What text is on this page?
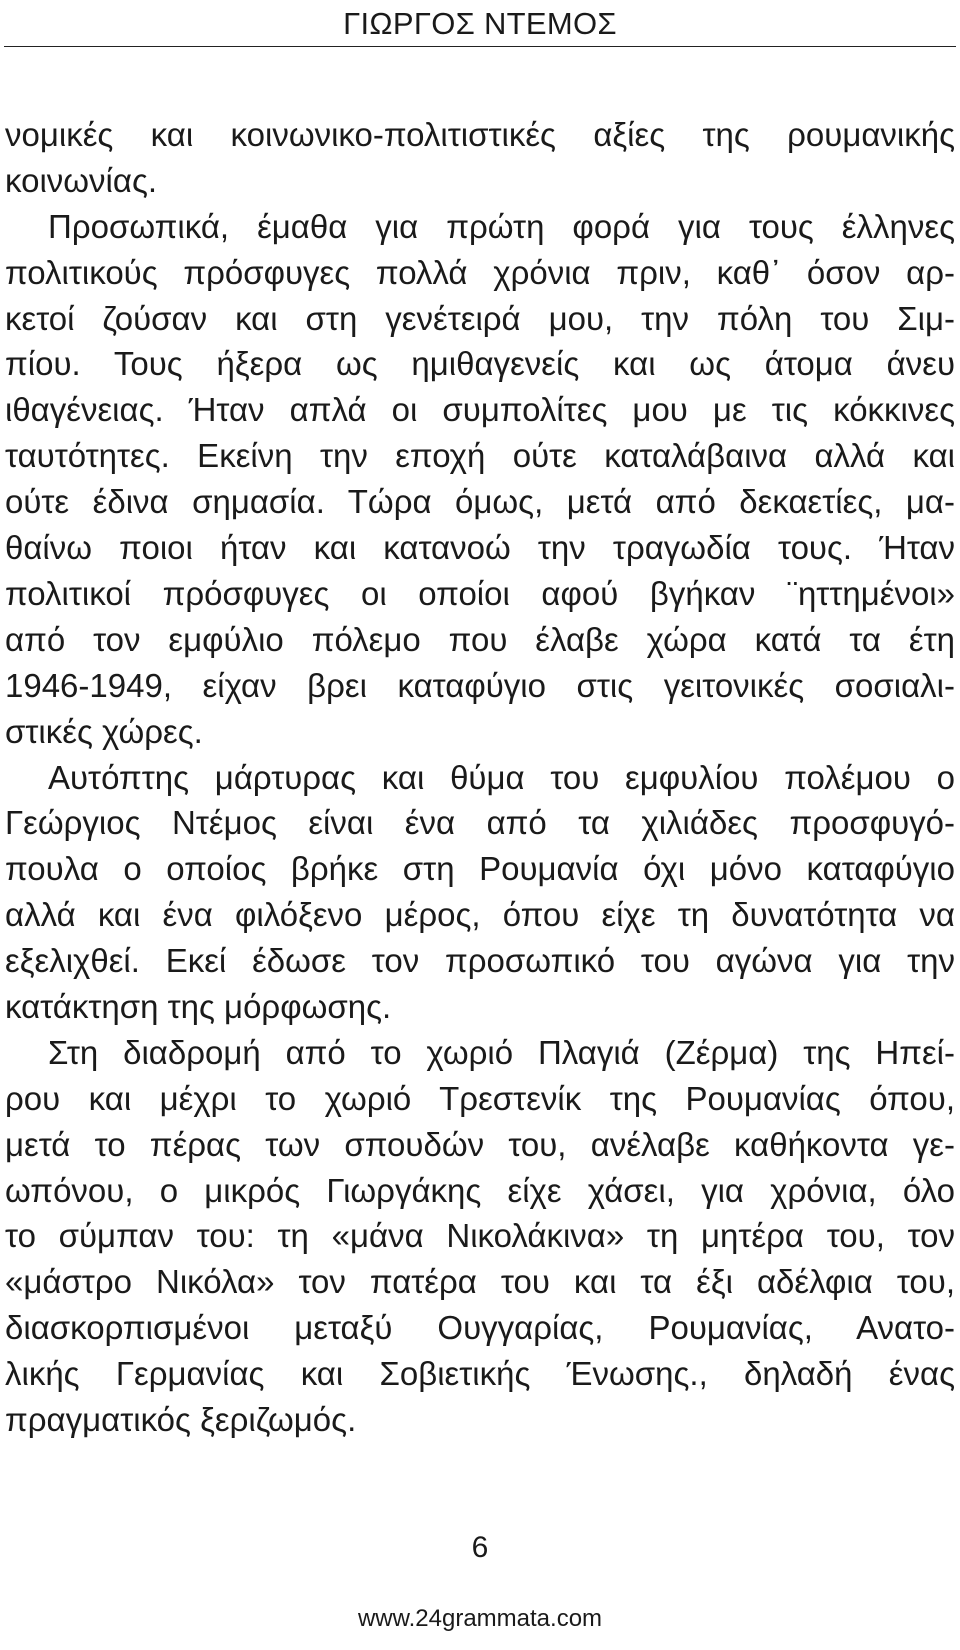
ΓΙΩΡΓΟΣ ΝΤΕΜΟΣ
νομικές και κοινωνικο-πολιτιστικές αξίες της ρουμανικής
κοινωνίας.
Προσωπικά, έμαθα για πρώτη φορά για τους έλληνες
πολιτικούς πρόσφυγες πολλά χρόνια πριν, καθ᾿ όσον αρ-
κετοί ζούσαν και στη γενέτειρά μου, την πόλη του Σιμ-
πίου. Τους ήξερα ως ημιθαγενείς και ως άτομα άνευ
ιθαγένειας. Ήταν απλά οι συμπολίτες μου με τις κόκκινες
ταυτότητες. Εκείνη την εποχή ούτε καταλάβαινα αλλά και
ούτε έδινα σημασία. Τώρα όμως, μετά από δεκαετίες, μα-
θαίνω ποιοι ήταν και κατανοώ την τραγωδία τους. Ήταν
πολιτικοί πρόσφυγες οι οποίοι αφού βγήκαν ¨ηττημένοι»
από τον εμφύλιο πόλεμο που έλαβε χώρα κατά τα έτη
1946-1949, είχαν βρει καταφύγιο στις γειτονικές σοσιαλι-
στικές χώρες.
Αυτόπτης μάρτυρας και θύμα του εμφυλίου πολέμου ο
Γεώργιος Ντέμος είναι ένα από τα χιλιάδες προσφυγό-
πουλα ο οποίος βρήκε στη Ρουμανία όχι μόνο καταφύγιο
αλλά και ένα φιλόξενο μέρος, όπου είχε τη δυνατότητα να
εξελιχθεί. Εκεί έδωσε τον προσωπικό του αγώνα για την
κατάκτηση της μόρφωσης.
Στη διαδρομή από το χωριό Πλαγιά (Ζέρμα) της Ηπεί-
ρου και μέχρι το χωριό Τρεστενίκ της Ρουμανίας όπου,
μετά το πέρας των σπουδών του, ανέλαβε καθήκοντα γε-
ωπόνου, ο μικρός Γιωργάκης είχε χάσει, για χρόνια, όλο
το σύμπαν του: τη «μάνα Νικολάκινα» τη μητέρα του, τον
«μάστρο Νικόλα» τον πατέρα του και τα έξι αδέλφια του,
διασκορπισμένοι μεταξύ Ουγγαρίας, Ρουμανίας, Ανατο-
λικής Γερμανίας και Σοβιετικής Ένωσης., δηλαδή ένας
πραγματικός ξεριζωμός.
6
www.24grammata.com
